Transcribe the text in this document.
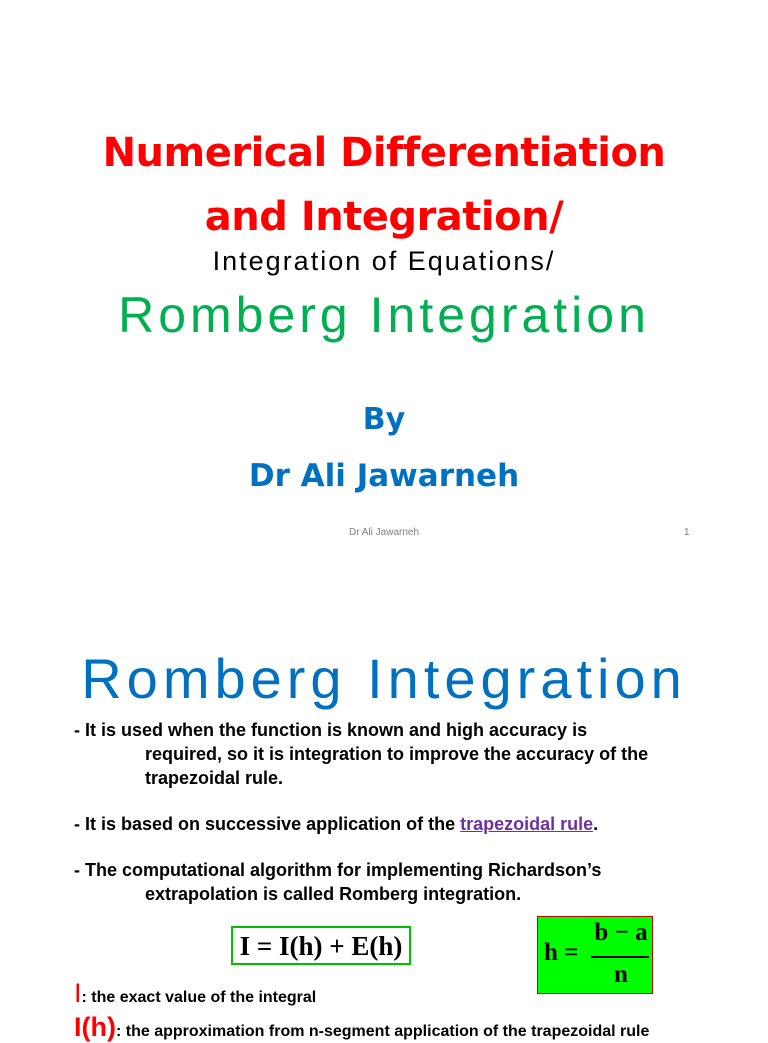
Numerical Differentiation
and Integration/
Integration of Equations/
Romberg Integration
By
Dr Ali Jawarneh
Dr Ali Jawarneh	1
Romberg Integration
- It is used when the function is known and high accuracy is
required, so it is integration to improve the accuracy of the
trapezoidal rule.
- It is based on successive application of the trapezoidal rule.
- The computational algorithm for implementing Richardson’s
extrapolation is called Romberg integration.
I = I(h) + E(h)	h =
b − a
n
I: the exact value of the integral
I(h): the approximation from n-segment application of the trapezoidal rule
